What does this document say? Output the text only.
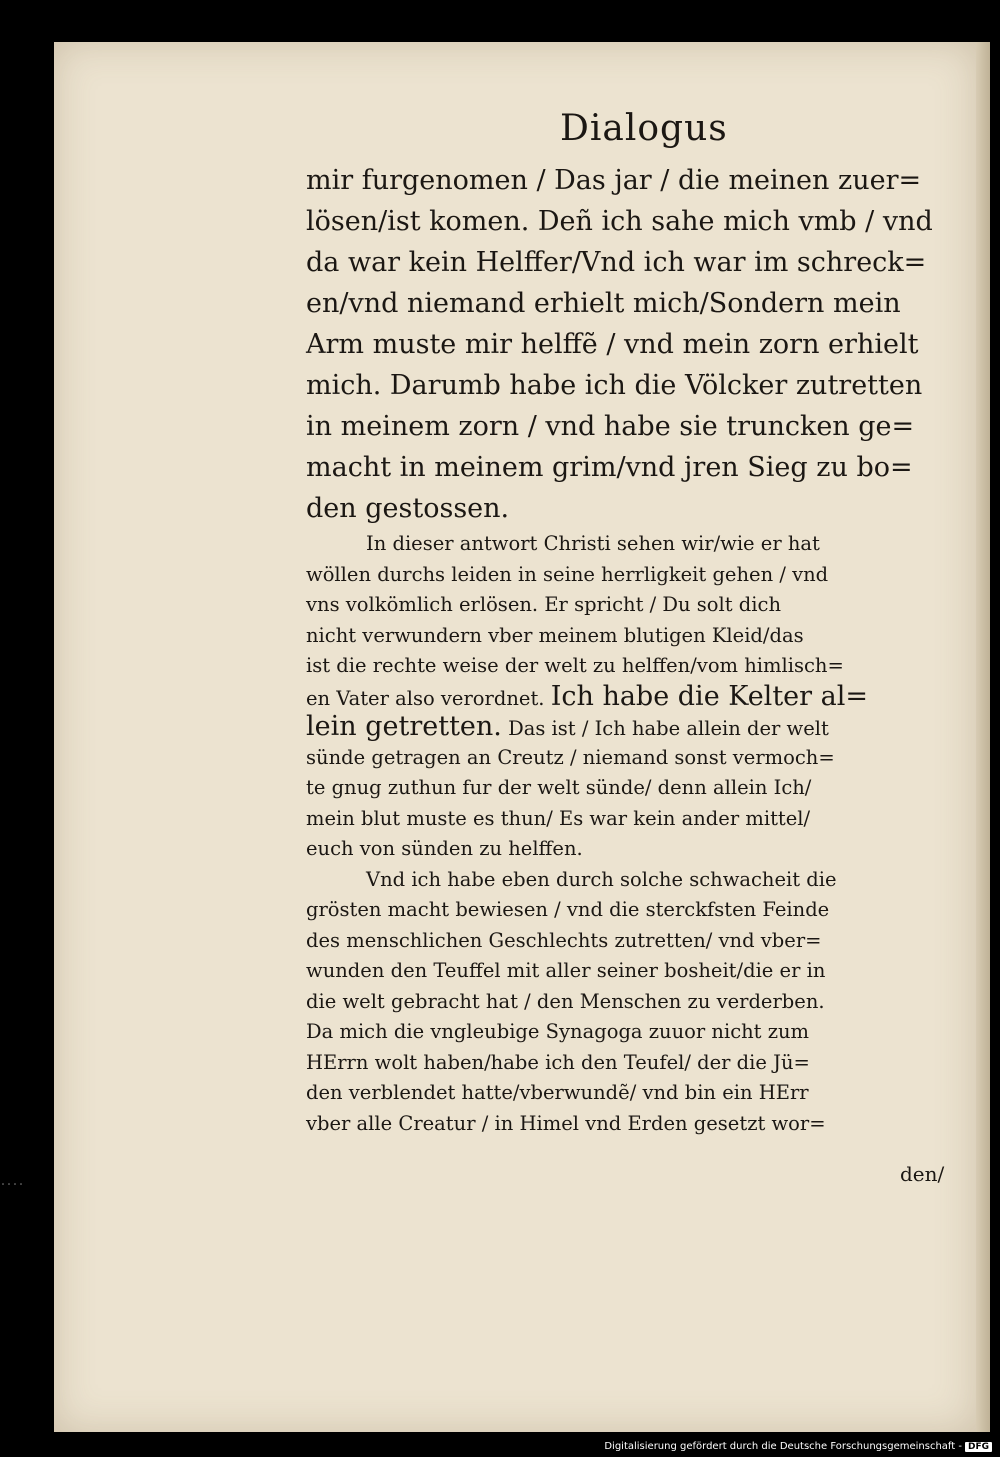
Dialogus
mir furgenomen / Das jar / die meinen zuer=
lösen/ist komen. Deñ ich sahe mich vmb / vnd
da war kein Helffer/Vnd ich war im schreck=
en/vnd niemand erhielt mich/Sondern mein
Arm muste mir helffẽ / vnd mein zorn erhielt
mich. Darumb habe ich die Völcker zutretten
in meinem zorn / vnd habe sie truncken ge=
macht in meinem grim/vnd jren Sieg zu bo=
den gestossen.
In dieser antwort Christi sehen wir/wie er hat
wöllen durchs leiden in seine herrligkeit gehen / vnd
vns volkömlich erlösen. Er spricht / Du solt dich
nicht verwundern vber meinem blutigen Kleid/das
ist die rechte weise der welt zu helffen/vom himlisch=
en Vater also verordnet. Ich habe die Kelter al=
lein getretten. Das ist / Ich habe allein der welt
sünde getragen an Creutz / niemand sonst vermoch=
te gnug zuthun fur der welt sünde/ denn allein Ich/
mein blut muste es thun/ Es war kein ander mittel/
euch von sünden zu helffen.
Vnd ich habe eben durch solche schwacheit die
grösten macht bewiesen / vnd die sterckfsten Feinde
des menschlichen Geschlechts zutretten/ vnd vber=
wunden den Teuffel mit aller seiner bosheit/die er in
die welt gebracht hat / den Menschen zu verderben.
Da mich die vngleubige Synagoga zuuor nicht zum
HErrn wolt haben/habe ich den Teufel/ der die Jü=
den verblendet hatte/vberwundẽ/ vnd bin ein HErr
vber alle Creatur / in Himel vnd Erden gesetzt wor=
den/
Digitalisierung gefördert durch die Deutsche Forschungsgemeinschaft - DFG
